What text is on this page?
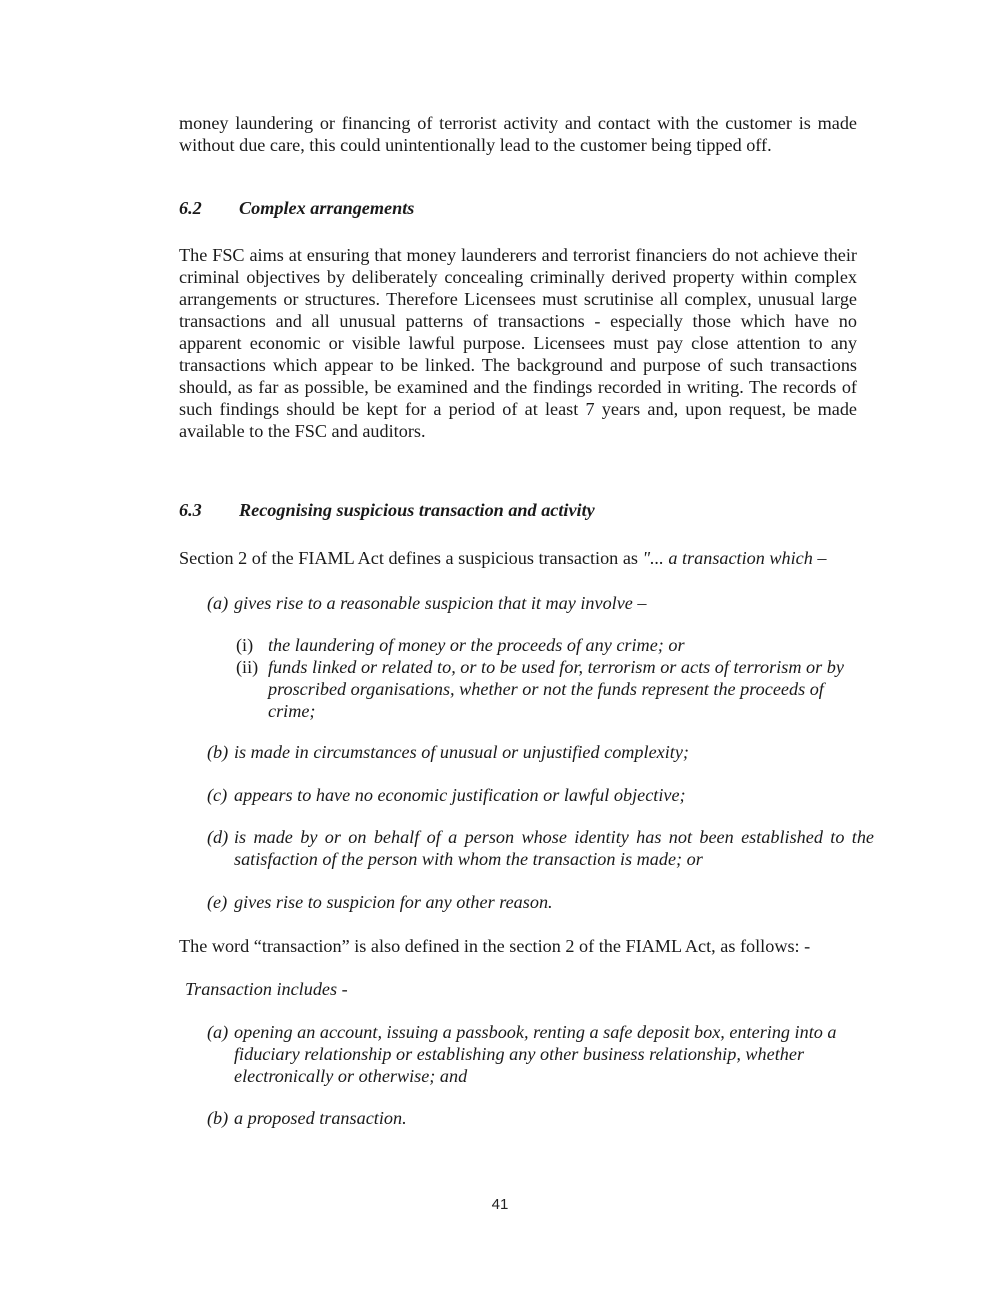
money laundering or financing of terrorist activity and contact with the customer is made without due care, this could unintentionally lead to the customer being tipped off.
6.2 Complex arrangements
The FSC aims at ensuring that money launderers and terrorist financiers do not achieve their criminal objectives by deliberately concealing criminally derived property within complex arrangements or structures. Therefore Licensees must scrutinise all complex, unusual large transactions and all unusual patterns of transactions - especially those which have no apparent economic or visible lawful purpose. Licensees must pay close attention to any transactions which appear to be linked. The background and purpose of such transactions should, as far as possible, be examined and the findings recorded in writing. The records of such findings should be kept for a period of at least 7 years and, upon request, be made available to the FSC and auditors.
6.3 Recognising suspicious transaction and activity
Section 2 of the FIAML Act defines a suspicious transaction as "... a transaction which –
(a) gives rise to a reasonable suspicion that it may involve –
(i) the laundering of money or the proceeds of any crime; or
(ii) funds linked or related to, or to be used for, terrorism or acts of terrorism or by proscribed organisations, whether or not the funds represent the proceeds of crime;
(b) is made in circumstances of unusual or unjustified complexity;
(c) appears to have no economic justification or lawful objective;
(d) is made by or on behalf of a person whose identity has not been established to the satisfaction of the person with whom the transaction is made; or
(e) gives rise to suspicion for any other reason.
The word “transaction” is also defined in the section 2 of the FIAML Act, as follows: -
Transaction includes -
(a) opening an account, issuing a passbook, renting a safe deposit box, entering into a fiduciary relationship or establishing any other business relationship, whether electronically or otherwise; and
(b) a proposed transaction.
41
